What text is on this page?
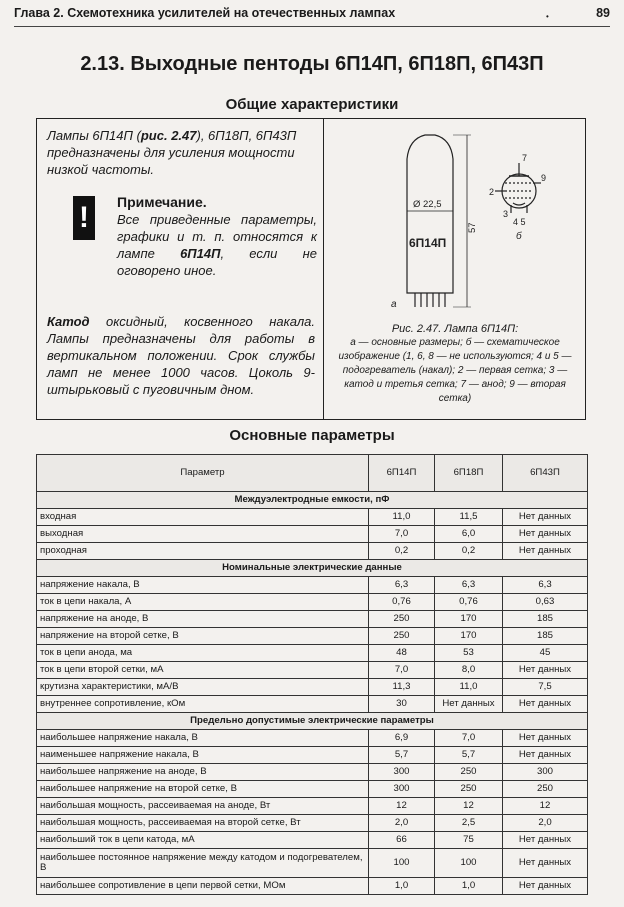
Глава 2. Схемотехника усилителей на отечественных лампах	•	89
2.13. Выходные пентоды 6П14П, 6П18П, 6П43П
Общие характеристики
Лампы 6П14П (рис. 2.47), 6П18П, 6П43П предназначены для усиления мощности низкой частоты.
!	Примечание.
Все приведенные параметры, графики и т. п. относятся к лампе 6П14П, если не оговорено иное.
Катод оксидный, косвенного накала. Лампы предназначены для работы в вертикальном положении. Срок службы ламп не менее 1000 часов. Цоколь 9-штырьковый с пуговичным дном.
Ø 22,5
6П14П
57
а
7
2
9
3
4 5
б
Рис. 2.47. Лампа 6П14П:
а — основные размеры; б — схематическое изображение (1, 6, 8 — не используются; 4 и 5 — подогреватель (накал); 2 — первая сетка; 3 — катод и третья сетка; 7 — анод; 9 — вторая сетка)
Основные параметры
Параметр	6П14П	6П18П	6П43П
Междуэлектродные емкости, пФ			
входная	11,0	11,5	Нет данных
выходная	7,0	6,0	Нет данных
проходная	0,2	0,2	Нет данных
Номинальные электрические данные			
напряжение накала, В	6,3	6,3	6,3
ток в цепи накала, А	0,76	0,76	0,63
напряжение на аноде, В	250	170	185
напряжение на второй сетке, В	250	170	185
ток в цепи анода, ма	48	53	45
ток в цепи второй сетки, мА	7,0	8,0	Нет данных
крутизна характеристики, мА/В	11,3	11,0	7,5
внутреннее сопротивление, кОм	30	Нет данных	Нет данных
Предельно допустимые электрические параметры			
наибольшее напряжение накала, В	6,9	7,0	Нет данных
наименьшее напряжение накала, В	5,7	5,7	Нет данных
наибольшее напряжение на аноде, В	300	250	300
наибольшее напряжение на второй сетке, В	300	250	250
наибольшая мощность, рассеиваемая на аноде, Вт	12	12	12
наибольшая мощность, рассеиваемая на второй сетке, Вт	2,0	2,5	2,0
наибольший ток в цепи катода, мА	66	75	Нет данных
наибольшее постоянное напряжение между катодом и подогревателем, В	100	100	Нет данных
наибольшее сопротивление в цепи первой сетки, МОм	1,0	1,0	Нет данных
